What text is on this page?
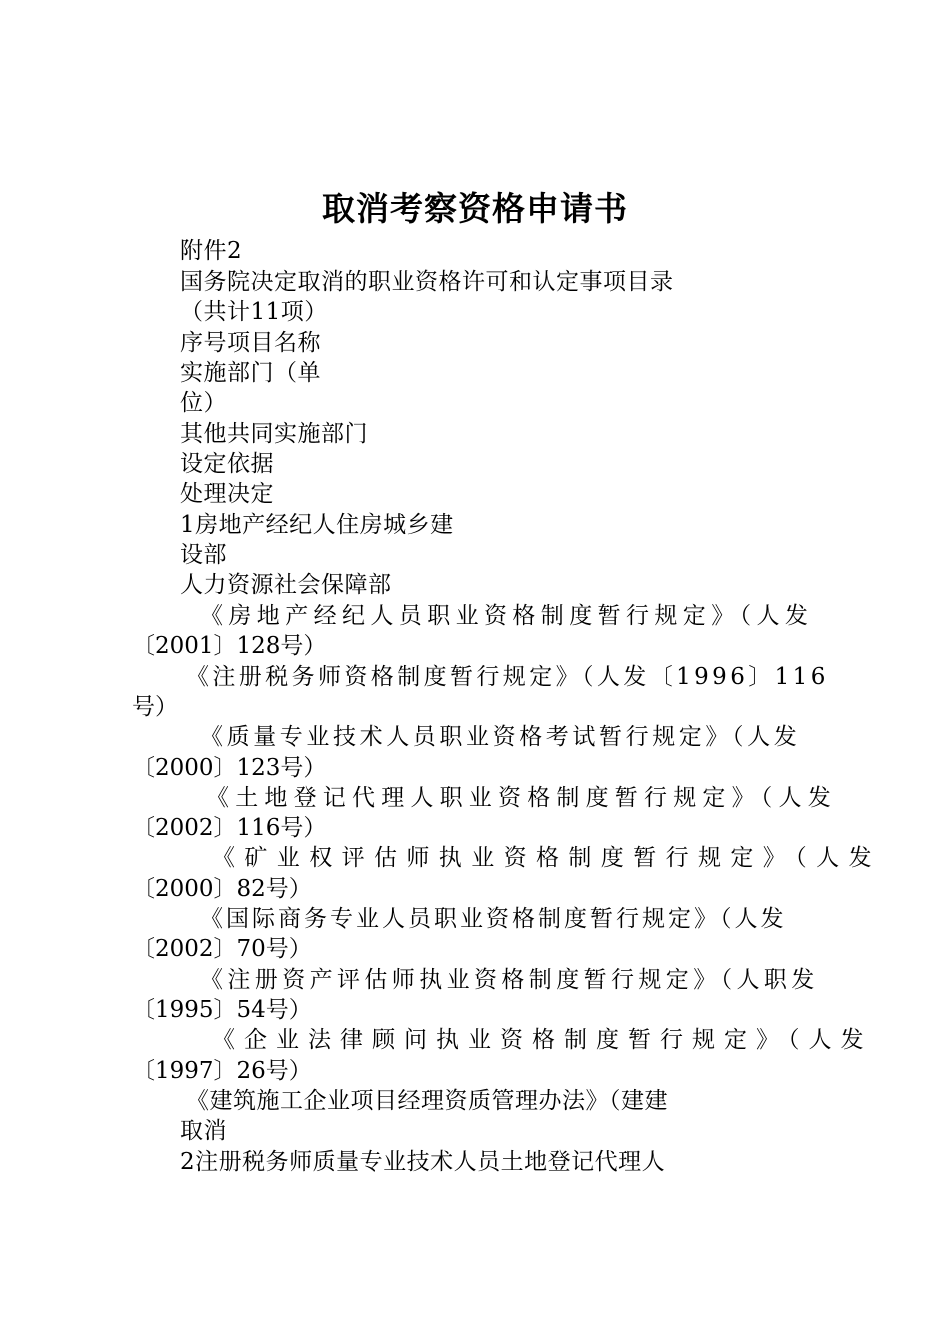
取消考察资格申请书
附件2
国务院决定取消的职业资格许可和认定事项目录
（共计11项）
序号项目名称
实施部门（单
位）
其他共同实施部门
设定依据
处理决定
1房地产经纪人住房城乡建
设部
人力资源社会保障部
《房地产经纪人员职业资格制度暂行规定》（人发
〔2001〕128号）
《注册税务师资格制度暂行规定》（人发〔1996〕116
号）
《质量专业技术人员职业资格考试暂行规定》（人发
〔2000〕123号）
《土地登记代理人职业资格制度暂行规定》（人发
〔2002〕116号）
《矿业权评估师执业资格制度暂行规定》（人发
〔2000〕82号）
《国际商务专业人员职业资格制度暂行规定》（人发
〔2002〕70号）
《注册资产评估师执业资格制度暂行规定》（人职发
〔1995〕54号）
《企业法律顾问执业资格制度暂行规定》（人发
〔1997〕26号）
《建筑施工企业项目经理资质管理办法》（建建
取消
2注册税务师质量专业技术人员土地登记代理人
